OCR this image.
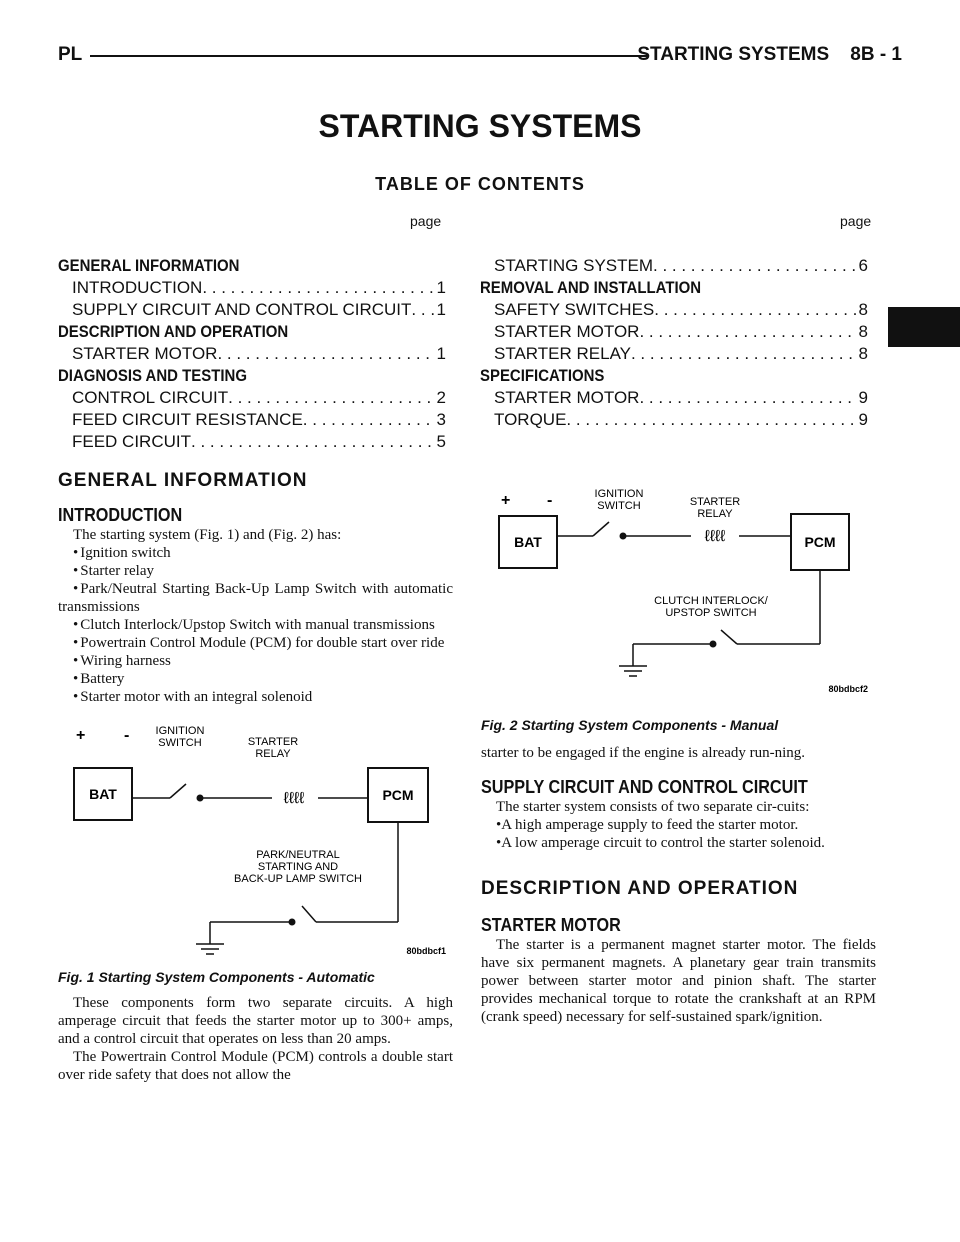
PL	STARTING SYSTEMS    8B - 1
STARTING SYSTEMS
TABLE OF CONTENTS
page	page
GENERAL INFORMATION
INTRODUCTION . . .	1
SUPPLY CIRCUIT AND CONTROL CIRCUIT . . . 1
DESCRIPTION AND OPERATION
STARTER MOTOR . . .	1
DIAGNOSIS AND TESTING
CONTROL CIRCUIT . . .	2
FEED CIRCUIT RESISTANCE . . .	3
FEED CIRCUIT . . .	5
STARTING SYSTEM . . .	6
REMOVAL AND INSTALLATION
SAFETY SWITCHES . . .	8
STARTER MOTOR . . .	8
STARTER RELAY . . .	8
SPECIFICATIONS
STARTER MOTOR . . .	9
TORQUE . . .	9
GENERAL INFORMATION
INTRODUCTION

The starting system (Fig. 1) and (Fig. 2) has:

• Ignition switch

• Starter relay

• Park/Neutral Starting Back-Up Lamp Switch with automatic transmissions

• Clutch Interlock/Upstop Switch with manual transmissions

• Powertrain Control Module (PCM) for double start over ride

• Wiring harness

• Battery

• Starter motor with an integral solenoid

+ -
BAT
IGNITION
SWITCH	STARTER
RELAY
ℓℓℓℓ	PCM
PARK/NEUTRAL
STARTING AND
BACK-UP LAMP SWITCH
80bdbcf1
Fig. 1 Starting System Components - Automatic

These components form two separate circuits. A high amperage circuit that feeds the starter motor up to 300+ amps, and a control circuit that operates on less than 20 amps.

The Powertrain Control Module (PCM) controls a double start over ride safety that does not allow the

+ -
BAT
IGNITION
SWITCH	STARTER
RELAY
ℓℓℓℓ	PCM
CLUTCH INTERLOCK/
UPSTOP SWITCH
80bdbcf2
Fig. 2 Starting System Components - Manual

starter to be engaged if the engine is already run-ning.

SUPPLY CIRCUIT AND CONTROL CIRCUIT

The starter system consists of two separate cir-cuits:

•A high amperage supply to feed the starter motor.

•A low amperage circuit to control the starter solenoid.

DESCRIPTION AND OPERATION
STARTER MOTOR

The starter is a permanent magnet starter motor. The fields have six permanent magnets. A planetary gear train transmits power between starter motor and pinion shaft. The starter provides mechanical torque to rotate the crankshaft at an RPM (crank speed) necessary for self-sustained spark/ignition.
